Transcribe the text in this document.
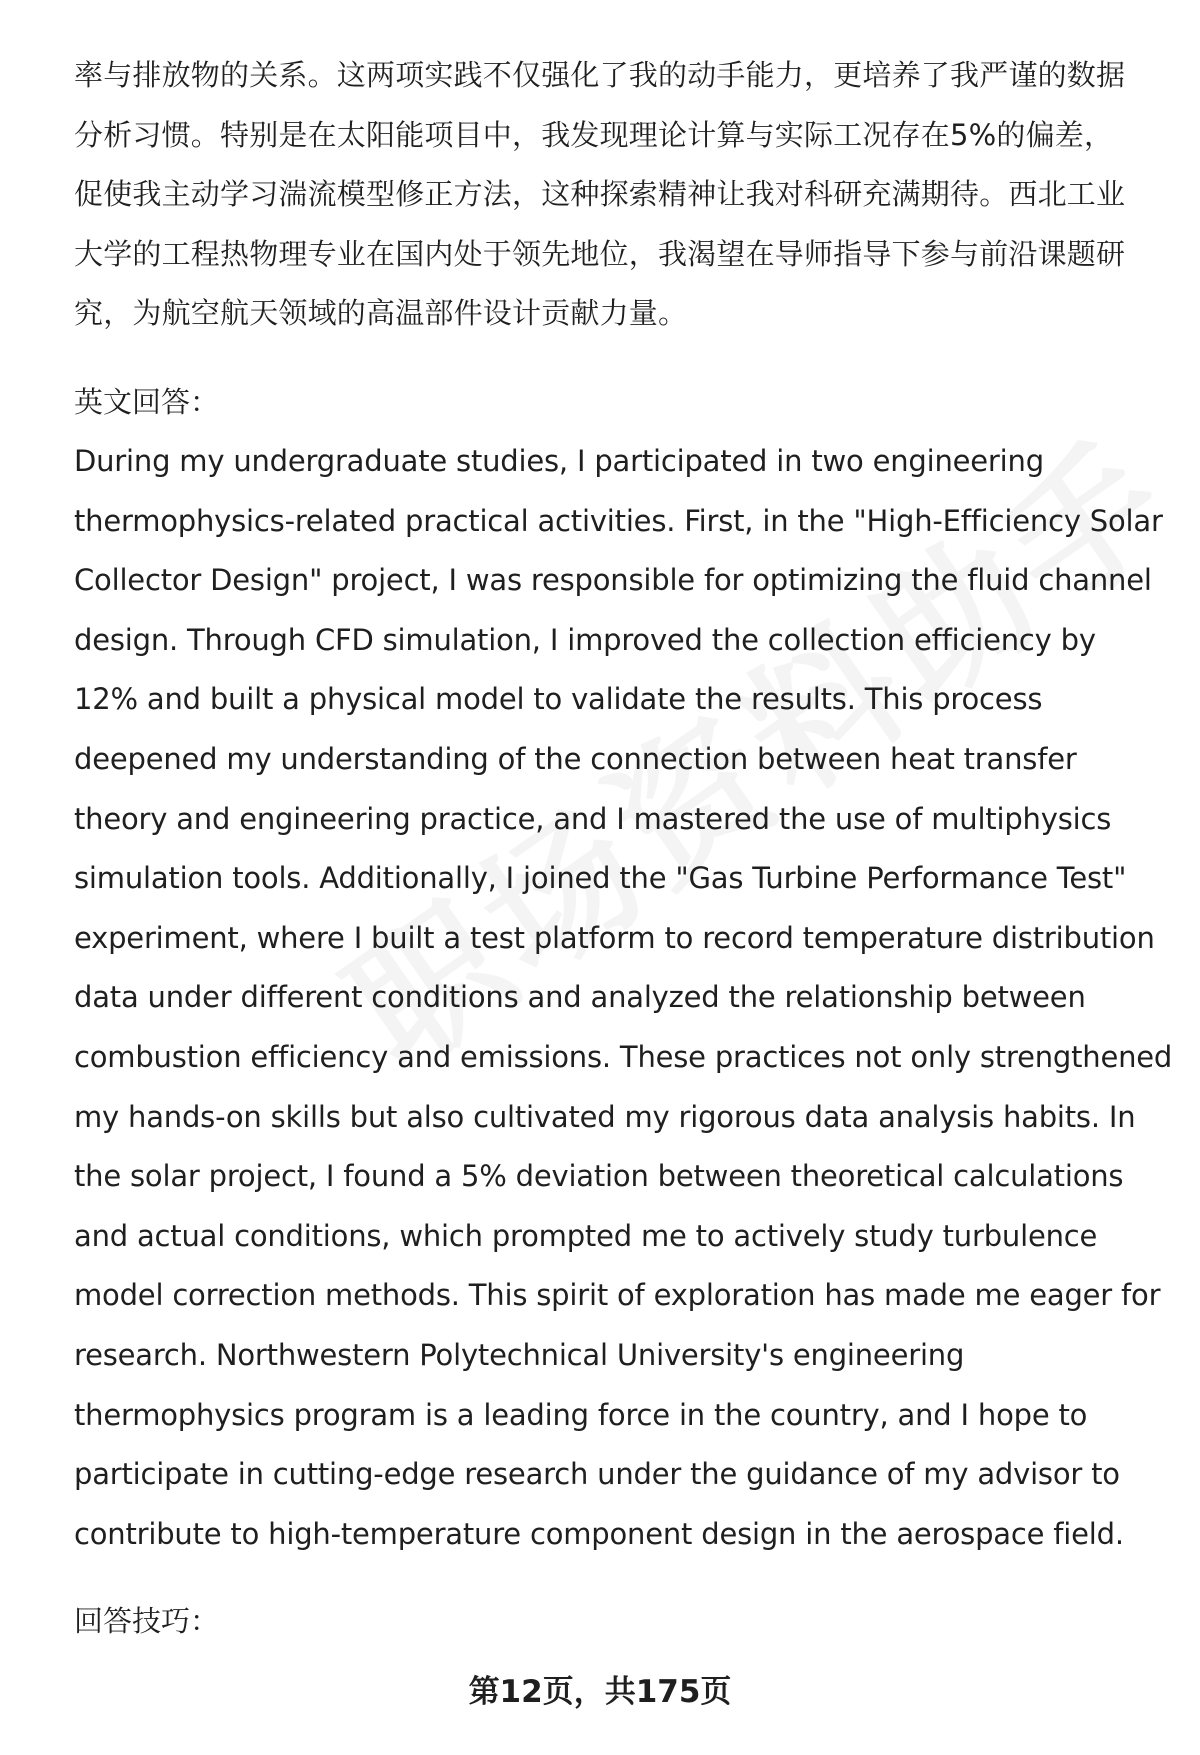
率与排放物的关系。这两项实践不仅强化了我的动手能力，更培养了我严谨的数据
分析习惯。特别是在太阳能项目中，我发现理论计算与实际工况存在5%的偏差，
促使我主动学习湍流模型修正方法，这种探索精神让我对科研充满期待。西北工业
大学的工程热物理专业在国内处于领先地位，我渴望在导师指导下参与前沿课题研
究，为航空航天领域的高温部件设计贡献力量。

英文回答：

During my undergraduate studies, I participated in two engineering
thermophysics-related practical activities. First, in the "High-Efficiency Solar
Collector Design" project, I was responsible for optimizing the fluid channel
design. Through CFD simulation, I improved the collection efficiency by
12% and built a physical model to validate the results. This process
deepened my understanding of the connection between heat transfer
theory and engineering practice, and I mastered the use of multiphysics
simulation tools. Additionally, I joined the "Gas Turbine Performance Test"
experiment, where I built a test platform to record temperature distribution
data under different conditions and analyzed the relationship between
combustion efficiency and emissions. These practices not only strengthened
my hands-on skills but also cultivated my rigorous data analysis habits. In
the solar project, I found a 5% deviation between theoretical calculations
and actual conditions, which prompted me to actively study turbulence
model correction methods. This spirit of exploration has made me eager for
research. Northwestern Polytechnical University's engineering
thermophysics program is a leading force in the country, and I hope to
participate in cutting-edge research under the guidance of my advisor to
contribute to high-temperature component design in the aerospace field.

回答技巧：

第12页，共175页
